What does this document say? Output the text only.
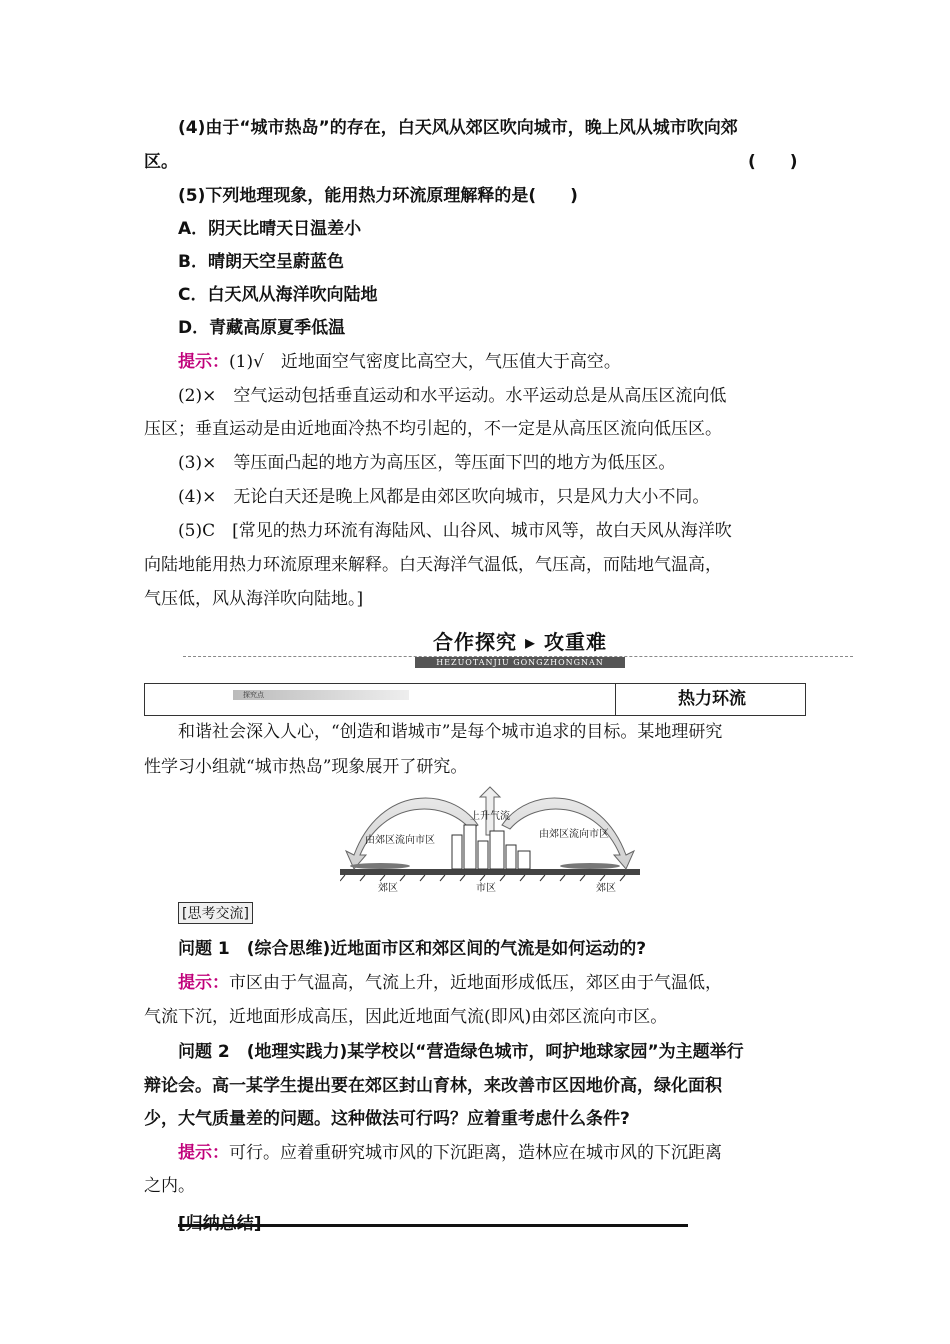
(4)由于“城市热岛”的存在，白天风从郊区吹向城市，晚上风从城市吹向郊
区。	(　　)
(5)下列地理现象，能用热力环流原理解释的是(　　)
A．阴天比晴天日温差小
B．晴朗天空呈蔚蓝色
C．白天风从海洋吹向陆地
D．青藏高原夏季低温
提示：(1)√　近地面空气密度比高空大，气压值大于高空。
(2)×　空气运动包括垂直运动和水平运动。水平运动总是从高压区流向低
压区；垂直运动是由近地面冷热不均引起的，不一定是从高压区流向低压区。
(3)×　等压面凸起的地方为高压区，等压面下凹的地方为低压区。
(4)×　无论白天还是晚上风都是由郊区吹向城市，只是风力大小不同。
(5)C　[常见的热力环流有海陆风、山谷风、城市风等，故白天风从海洋吹
向陆地能用热力环流原理来解释。白天海洋气温低，气压高，而陆地气温高，
气压低，风从海洋吹向陆地。]
合作探究 ▸ 攻重难
HEZUOTANJIU GONGZHONGNAN
探究点	热力环流
和谐社会深入人心，“创造和谐城市”是每个城市追求的目标。某地理研究
性学习小组就“城市热岛”现象展开了研究。
上升气流
由郊区流向市区
由郊区流向市区
郊区	市区	郊区
[思考交流]
问题 1　(综合思维)近地面市区和郊区间的气流是如何运动的?
提示：市区由于气温高，气流上升，近地面形成低压，郊区由于气温低，
气流下沉，近地面形成高压，因此近地面气流(即风)由郊区流向市区。
问题 2　(地理实践力)某学校以“营造绿色城市，呵护地球家园”为主题举行
辩论会。高一某学生提出要在郊区封山育林，来改善市区因地价高，绿化面积
少，大气质量差的问题。这种做法可行吗？应着重考虑什么条件?
提示：可行。应着重研究城市风的下沉距离，造林应在城市风的下沉距离
之内。
